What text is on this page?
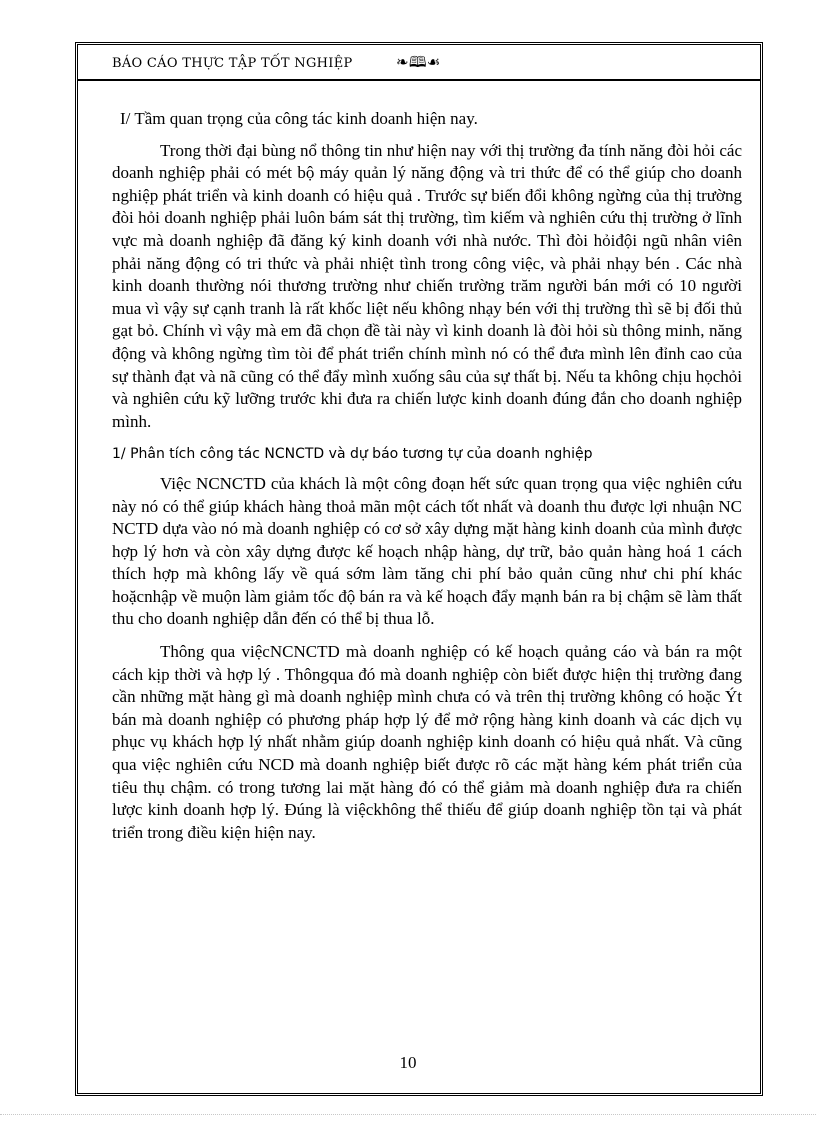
BÁO CÁO THỰC TẬP TỐT NGHIỆP	❧🕮☙

I/ Tầm quan trọng của công tác kinh doanh hiện nay.

Trong thời đại bùng nổ thông tin như hiện nay với thị trường đa tính năng đòi hỏi các doanh nghiệp phải có mét bộ máy quản lý năng động và tri thức để có thể giúp cho doanh nghiệp phát triển và kinh doanh có hiệu quả . Trước sự biến đổi không ngừng của thị trường đòi hỏi doanh nghiệp phải luôn bám sát thị trường, tìm kiếm và nghiên cứu thị trường ở lĩnh vực mà doanh nghiệp đã đăng ký kinh doanh với nhà nước. Thì đòi hỏiđội ngũ nhân viên phải năng động có tri thức và phải nhiệt tình trong công việc, và phải nhạy bén . Các nhà kinh doanh thường nói thương trường như chiến trường trăm người bán mới có 10 người mua vì vậy sự cạnh tranh là rất khốc liệt nếu không nhạy bén với thị trường thì sẽ bị đối thủ gạt bỏ. Chính vì vậy mà em đã chọn đề tài này vì kinh doanh là đòi hỏi sù thông minh, năng động và không ngừng tìm tòi để phát triển chính mình nó có thể đưa mình lên đỉnh cao của sự thành đạt và nã cũng có thể đẩy mình xuống sâu của sự thất bị. Nếu ta không chịu họchỏi và nghiên cứu kỹ lưỡng trước khi đưa ra chiến lược kinh doanh đúng đắn cho doanh nghiệp mình.

1/ Phân tích công tác NCNCTD và dự báo tương tự của doanh nghiệp

Việc NCNCTD của khách là một công đoạn hết sức quan trọng qua việc nghiên cứu này nó có thể giúp khách hàng thoả mãn một cách tốt nhất và doanh thu được lợi nhuận NC NCTD dựa vào nó mà doanh nghiệp có cơ sở xây dựng mặt hàng kinh doanh của mình được hợp lý hơn và còn xây dựng được kế hoạch nhập hàng, dự trữ, bảo quản hàng hoá 1 cách thích hợp mà không lấy về quá sớm làm tăng chi phí bảo quản cũng như chi phí khác hoặcnhập về muộn làm giảm tốc độ bán ra và kế hoạch đẩy mạnh bán ra bị chậm sẽ làm thất thu cho doanh nghiệp dẫn đến có thể bị thua lỗ.

Thông qua việcNCNCTD mà doanh nghiệp có kế hoạch quảng cáo và bán ra một cách kịp thời và hợp lý . Thôngqua đó mà doanh nghiệp còn biết được hiện thị trường đang cần những mặt hàng gì mà doanh nghiệp mình chưa có và trên thị trường không có hoặc Ýt bán mà doanh nghiệp có phương pháp hợp lý để mở rộng hàng kinh doanh và các dịch vụ phục vụ khách hợp lý nhất nhằm giúp doanh nghiệp kinh doanh có hiệu quả nhất. Và cũng qua việc nghiên cứu NCD mà doanh nghiệp biết được rõ các mặt hàng kém phát triển của tiêu thụ chậm. có trong tương lai mặt hàng đó có thể giảm mà doanh nghiệp đưa ra chiến lược kinh doanh hợp lý. Đúng là việckhông thể thiếu để giúp doanh nghiệp tồn tại và phát triển trong điều kiện hiện nay.

10
